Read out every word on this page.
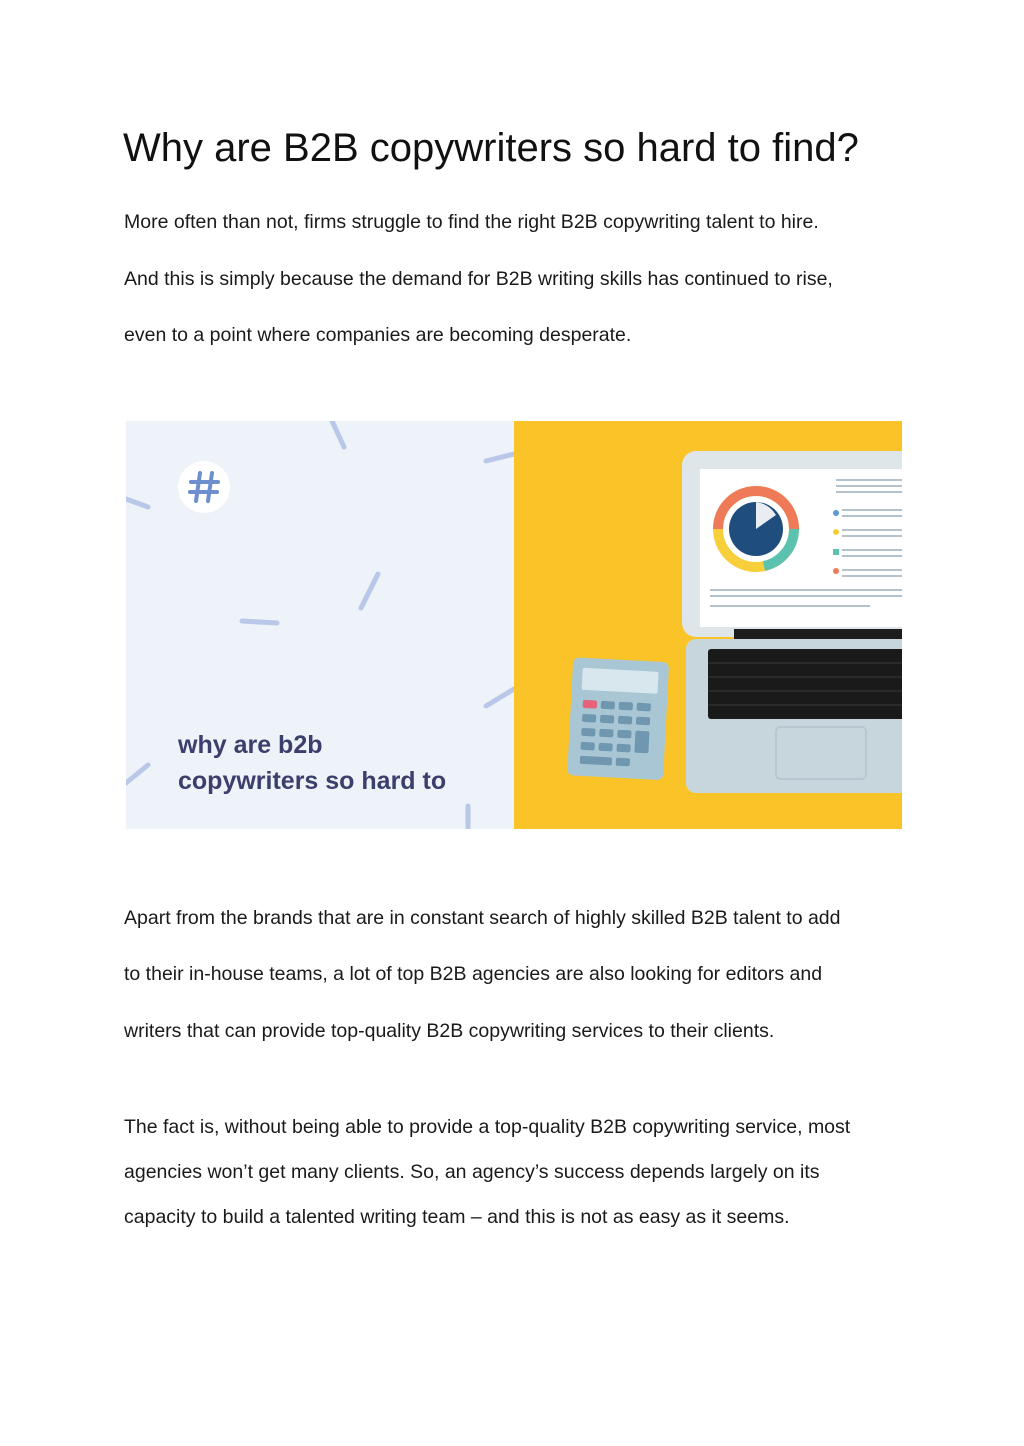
Why are B2B copywriters so hard to find?

More often than not, firms struggle to find the right B2B copywriting talent to hire.

And this is simply because the demand for B2B writing skills has continued to rise,

even to a point where companies are becoming desperate.

why are b2b
copywriters so hard to

Apart from the brands that are in constant search of highly skilled B2B talent to add

to their in-house teams, a lot of top B2B agencies are also looking for editors and

writers that can provide top-quality B2B copywriting services to their clients.

The fact is, without being able to provide a top-quality B2B copywriting service, most

agencies won’t get many clients. So, an agency’s success depends largely on its

capacity to build a talented writing team – and this is not as easy as it seems.
